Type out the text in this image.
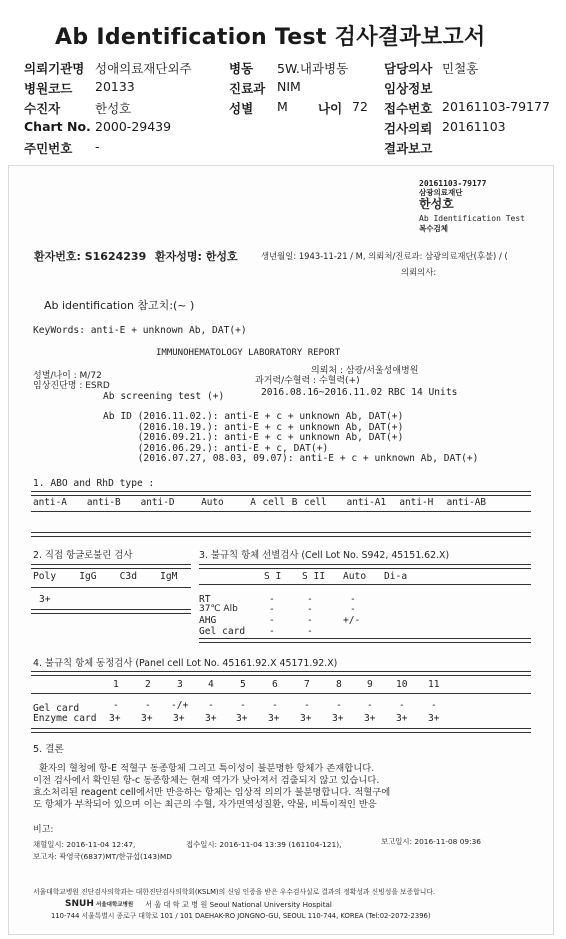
Ab Identification Test 검사결과보고서
의뢰기관명 성애의료재단외주	병동 5W.내과병동	담당의사 민철홍
병원코드 20133	진료과 NIM	임상정보
수진자	한성호	성별 M 나이 72 접수번호 20161103-79177
Chart No. 2000-29439	검사의뢰 20161103
주민번호 -	결과보고
20161103-79177
삼광의료재단
한성호
Ab Identification Test
복수검체
환자번호: S1624239 환자성명: 한성호	생년월일: 1943-11-21 / M, 의뢰처/진료과: 삼광의료재단(후불) / (
의뢰의사:
Ab identification 참고치:(~ )
KeyWords: anti-E + unknown Ab, DAT(+)
IMMUNOHEMATOLOGY LABORATORY REPORT
성별/나이 : M/72
임상진단명 : ESRD
의뢰처 : 삼광/서울성애병원
Ab screening test (+)
과거력/수혈력 : 수혈력(+)
2016.08.16~2016.11.02 RBC 14 Units
Ab ID (2016.11.02.): anti-E + c + unknown Ab, DAT(+)
(2016.10.19.): anti-E + c + unknown Ab, DAT(+)
(2016.09.21.): anti-E + c + unknown Ab, DAT(+)
(2016.06.29.): anti-E + c, DAT(+)
(2016.07.27, 08.03, 09.07): anti-E + c + unknown Ab, DAT(+)
1. ABO and RhD type :
anti-A anti-B anti-D	Auto	A cell B cell anti-A1 anti-H anti-AB
2. 직접 항글로불린 검사
Poly IgG C3d IgM
3+
3. 불규칙 항체 선별검사 (Cell Lot No. S942, 45151.62.X)
S I S II Auto Di-a
RT	-	-	-
37℃ Alb	-	-	-
AHG	-	-	+/-
Gel card -	-
4. 불규칙 항체 동정검사 (Panel cell Lot No. 45161.92.X 45171.92.X)
1	2	3	4	5	6	7	8	9 10 11
Gel card	-	- -/+ -	-	-	-	-	-	-	-
Enzyme card 3+ 3+ 3+ 3+ 3+ 3+ 3+ 3+ 3+ 3+ 3+
5. 결론
환자의 혈청에 항-E 적혈구 동종항체 그리고 특이성이 불분명한 항체가 존재합니다.
이전 검사에서 확인된 항-c 동종항체는 현재 역가가 낮아져서 검출되지 않고 있습니다.
효소처리된 reagent cell에서만 반응하는 항체는 임상적 의의가 불분명합니다. 적혈구에
도 항체가 부착되어 있으며 이는 최근의 수혈, 자가면역성질환, 약물, 비특이적인 반응
비고:
채혈일시: 2016-11-04 12:47,	접수일시: 2016-11-04 13:39 (161104-121),	보고일시: 2016-11-08 09:36
보고자: 곽영국(6837)MT/한규섭(143)MD
서울대학교병원 진단검사의학과는 대한진단검사의학회(KSLM)의 신임 인증을 받은 우수검사실로 결과의 정확성과 신빙성을 보증합니다.
SNUH 서울대학교병원 서 울 대 학 교 병 원 Seoul National University Hospital
110-744 서울특별시 종로구 대학로 101 / 101 DAEHAK-RO JONGNO-GU, SEOUL 110-744, KOREA (Tel:02-2072-2396)
